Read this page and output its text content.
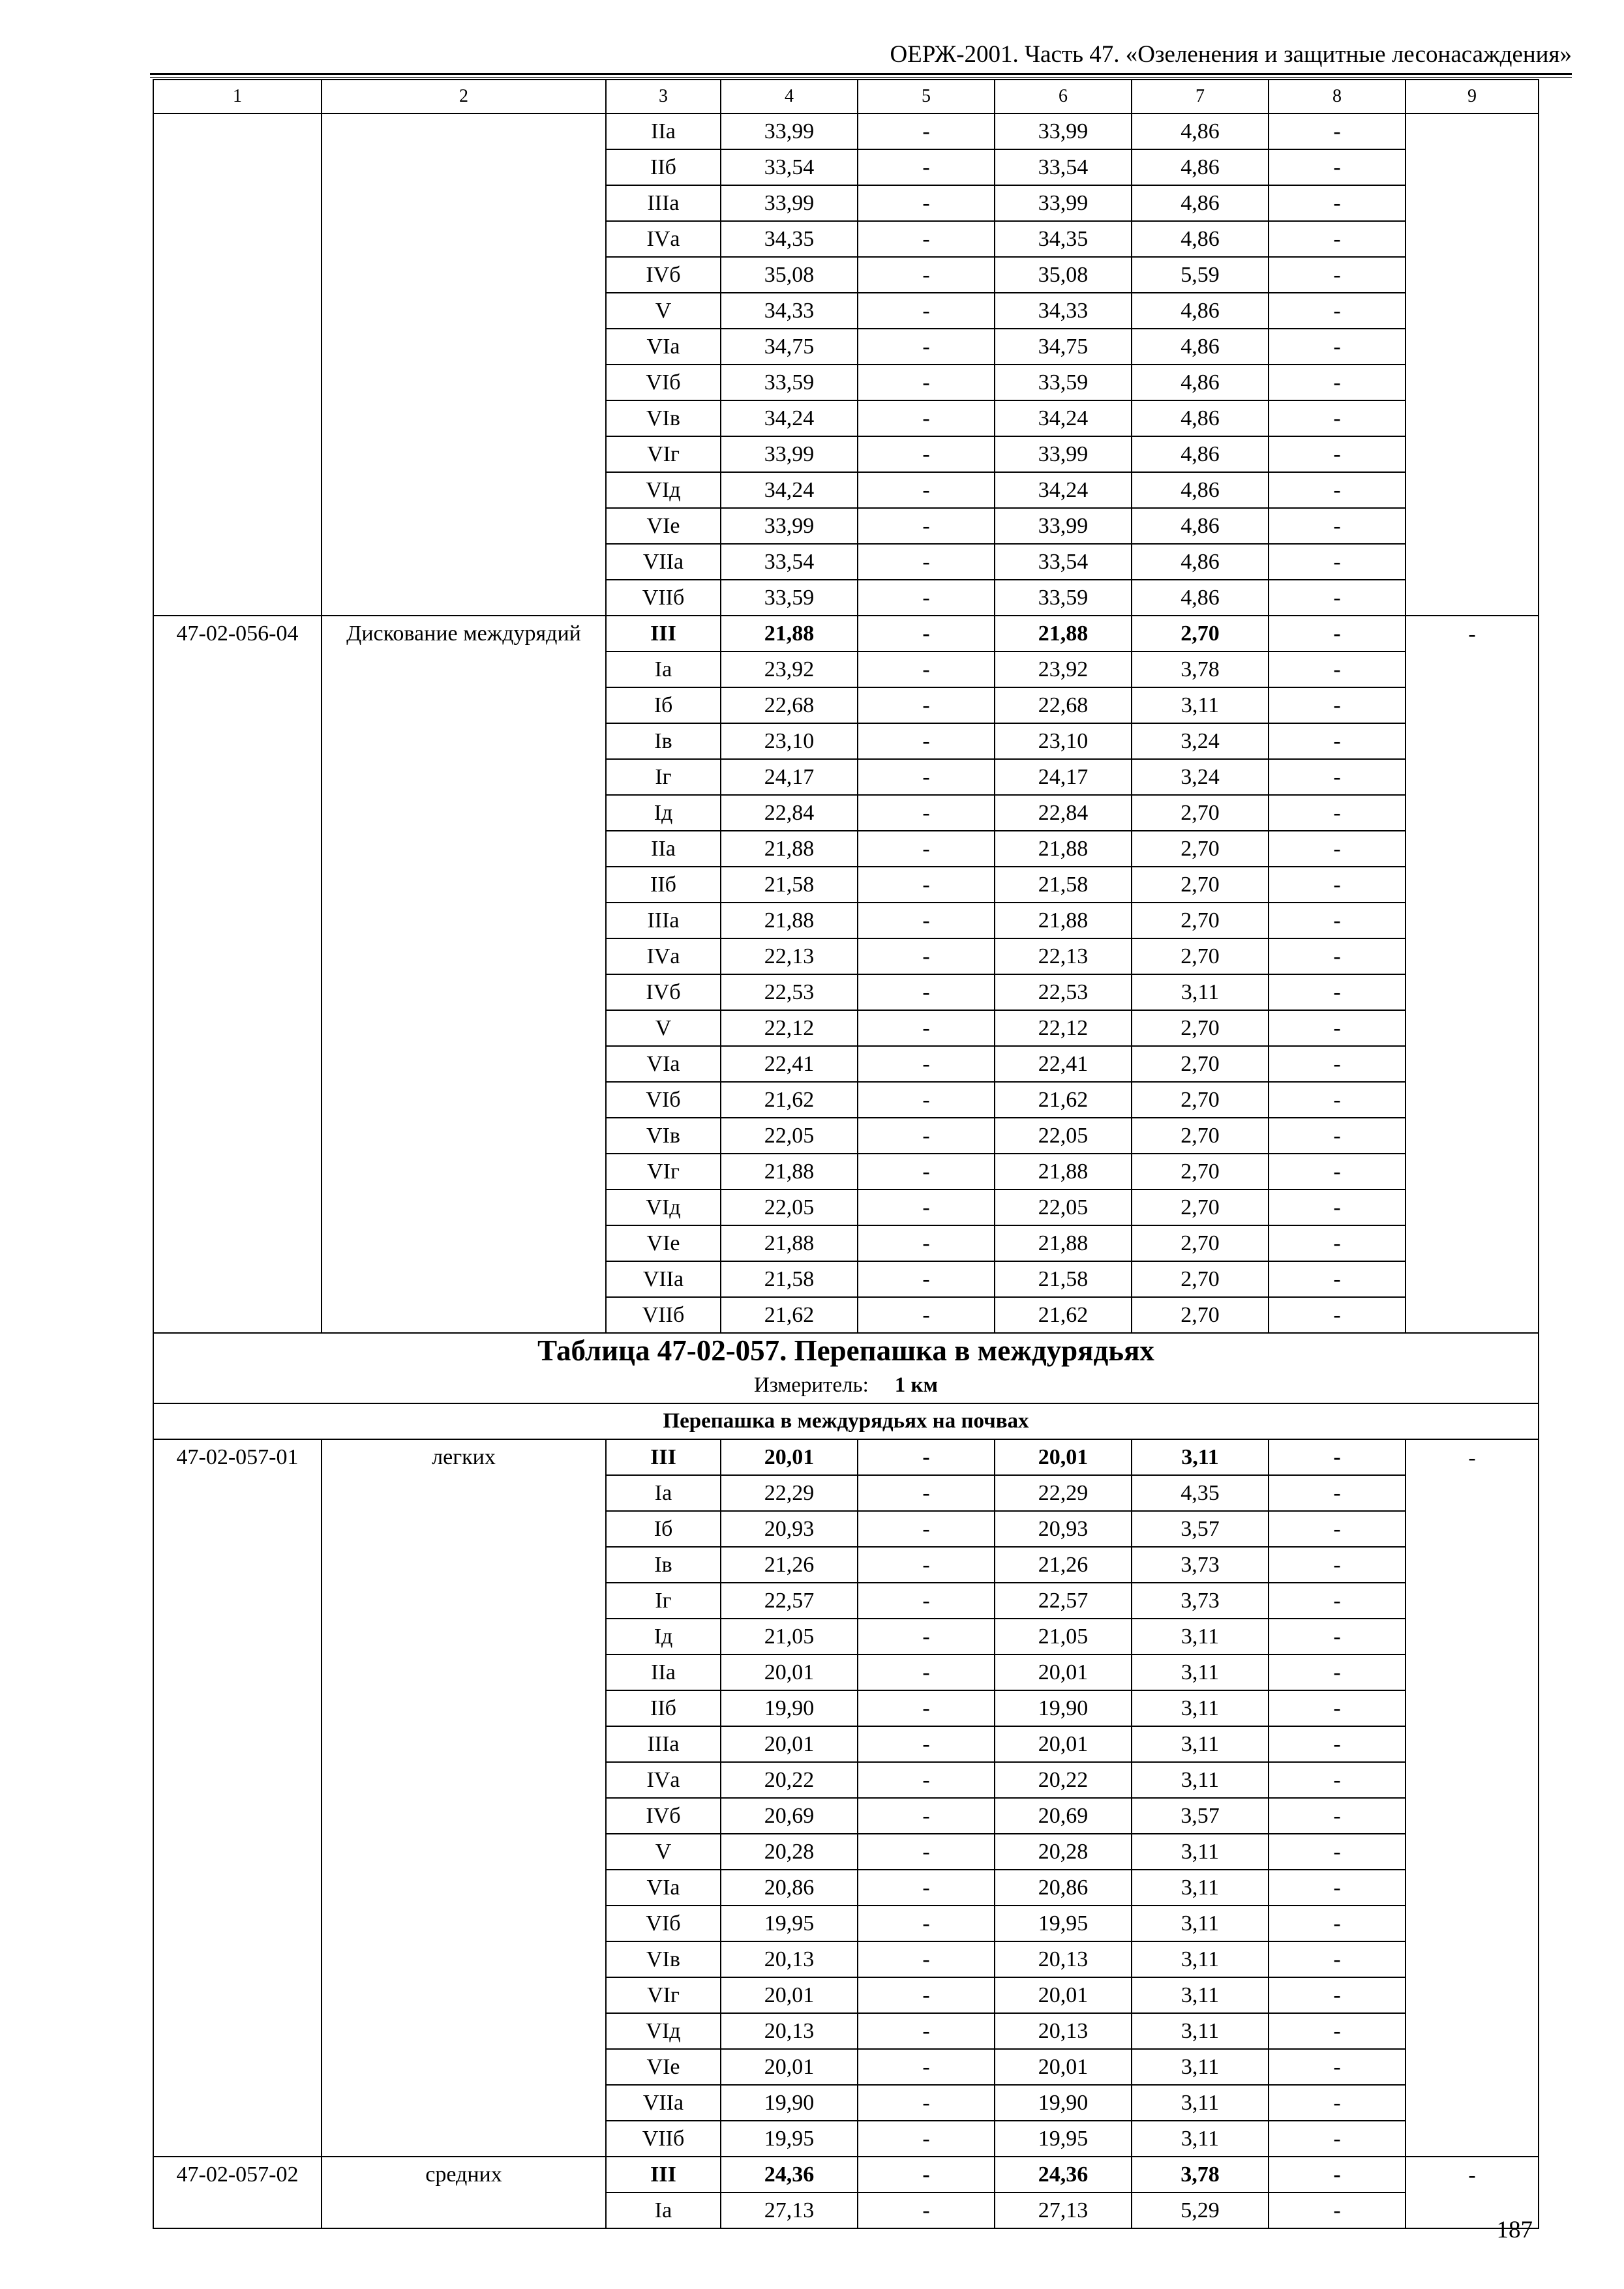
ОЕРЖ-2001. Часть 47. «Озеленения и защитные лесонасаждения»
1	2	3	4	5	6	7	8	9
		IIа	33,99	-	33,99	4,86	-	
		IIб	33,54	-	33,54	4,86	-	
		IIIа	33,99	-	33,99	4,86	-	
		IVа	34,35	-	34,35	4,86	-	
		IVб	35,08	-	35,08	5,59	-	
		V	34,33	-	34,33	4,86	-	
		VIа	34,75	-	34,75	4,86	-	
		VIб	33,59	-	33,59	4,86	-	
		VIв	34,24	-	34,24	4,86	-	
		VIг	33,99	-	33,99	4,86	-	
		VIд	34,24	-	34,24	4,86	-	
		VIе	33,99	-	33,99	4,86	-	
		VIIа	33,54	-	33,54	4,86	-	
		VIIб	33,59	-	33,59	4,86	-	
47-02-056-04	Дискование междурядий	III	21,88	-	21,88	2,70	-	-
		Iа	23,92	-	23,92	3,78	-	
		Iб	22,68	-	22,68	3,11	-	
		Iв	23,10	-	23,10	3,24	-	
		Iг	24,17	-	24,17	3,24	-	
		Iд	22,84	-	22,84	2,70	-	
		IIа	21,88	-	21,88	2,70	-	
		IIб	21,58	-	21,58	2,70	-	
		IIIа	21,88	-	21,88	2,70	-	
		IVа	22,13	-	22,13	2,70	-	
		IVб	22,53	-	22,53	3,11	-	
		V	22,12	-	22,12	2,70	-	
		VIа	22,41	-	22,41	2,70	-	
		VIб	21,62	-	21,62	2,70	-	
		VIв	22,05	-	22,05	2,70	-	
		VIг	21,88	-	21,88	2,70	-	
		VIд	22,05	-	22,05	2,70	-	
		VIе	21,88	-	21,88	2,70	-	
		VIIа	21,58	-	21,58	2,70	-	
		VIIб	21,62	-	21,62	2,70	-	
Таблица 47-02-057. Перепашка в междурядьях								
Измеритель: 1 км								
Перепашка в междурядьях на почвах								
47-02-057-01	легких	III	20,01	-	20,01	3,11	-	-
		Iа	22,29	-	22,29	4,35	-	
		Iб	20,93	-	20,93	3,57	-	
		Iв	21,26	-	21,26	3,73	-	
		Iг	22,57	-	22,57	3,73	-	
		Iд	21,05	-	21,05	3,11	-	
		IIа	20,01	-	20,01	3,11	-	
		IIб	19,90	-	19,90	3,11	-	
		IIIа	20,01	-	20,01	3,11	-	
		IVа	20,22	-	20,22	3,11	-	
		IVб	20,69	-	20,69	3,57	-	
		V	20,28	-	20,28	3,11	-	
		VIа	20,86	-	20,86	3,11	-	
		VIб	19,95	-	19,95	3,11	-	
		VIв	20,13	-	20,13	3,11	-	
		VIг	20,01	-	20,01	3,11	-	
		VIд	20,13	-	20,13	3,11	-	
		VIе	20,01	-	20,01	3,11	-	
		VIIа	19,90	-	19,90	3,11	-	
		VIIб	19,95	-	19,95	3,11	-	
47-02-057-02	средних	III	24,36	-	24,36	3,78	-	-
		Iа	27,13	-	27,13	5,29	-	
187
